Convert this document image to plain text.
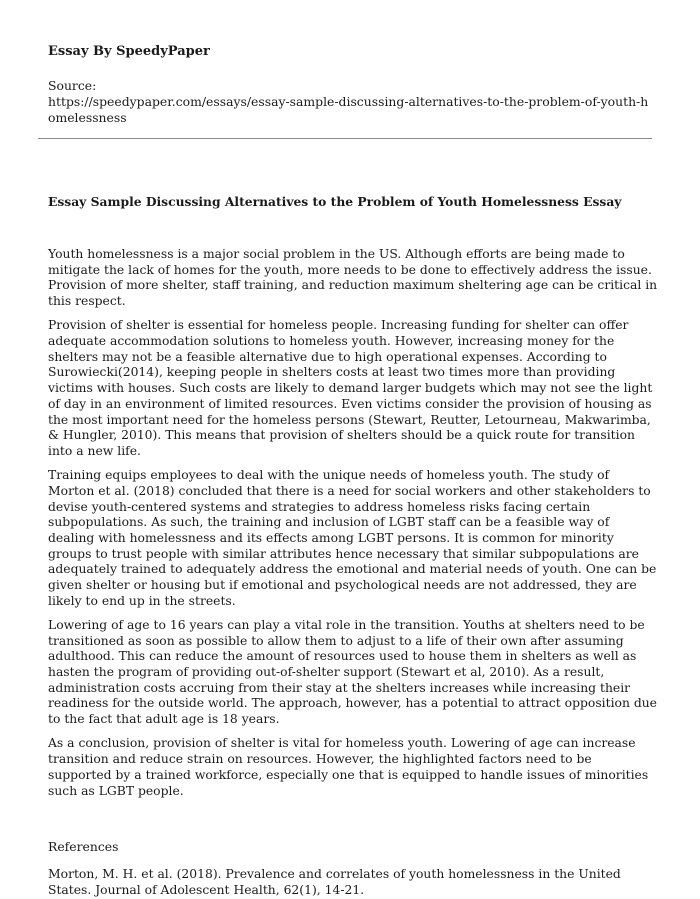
Essay By SpeedyPaper
Source:
https://speedypaper.com/essays/essay-sample-discussing-alternatives-to-the-problem-of-youth-homelessness
Essay Sample Discussing Alternatives to the Problem of Youth Homelessness Essay

Youth homelessness is a major social problem in the US. Although efforts are being made to mitigate the lack of homes for the youth, more needs to be done to effectively address the issue. Provision of more shelter, staff training, and reduction maximum sheltering age can be critical in this respect.

Provision of shelter is essential for homeless people. Increasing funding for shelter can offer adequate accommodation solutions to homeless youth. However, increasing money for the shelters may not be a feasible alternative due to high operational expenses. According to Surowiecki(2014), keeping people in shelters costs at least two times more than providing victims with houses. Such costs are likely to demand larger budgets which may not see the light of day in an environment of limited resources. Even victims consider the provision of housing as the most important need for the homeless persons (Stewart, Reutter, Letourneau, Makwarimba, & Hungler, 2010). This means that provision of shelters should be a quick route for transition into a new life.

Training equips employees to deal with the unique needs of homeless youth. The study of Morton et al. (2018) concluded that there is a need for social workers and other stakeholders to devise youth-centered systems and strategies to address homeless risks facing certain subpopulations. As such, the training and inclusion of LGBT staff can be a feasible way of dealing with homelessness and its effects among LGBT persons. It is common for minority groups to trust people with similar attributes hence necessary that similar subpopulations are adequately trained to adequately address the emotional and material needs of youth. One can be given shelter or housing but if emotional and psychological needs are not addressed, they are likely to end up in the streets.

Lowering of age to 16 years can play a vital role in the transition. Youths at shelters need to be transitioned as soon as possible to allow them to adjust to a life of their own after assuming adulthood. This can reduce the amount of resources used to house them in shelters as well as hasten the program of providing out-of-shelter support (Stewart et al, 2010). As a result, administration costs accruing from their stay at the shelters increases while increasing their readiness for the outside world. The approach, however, has a potential to attract opposition due to the fact that adult age is 18 years.

As a conclusion, provision of shelter is vital for homeless youth. Lowering of age can increase transition and reduce strain on resources. However, the highlighted factors need to be supported by a trained workforce, especially one that is equipped to handle issues of minorities such as LGBT people.

References

Morton, M. H. et al. (2018). Prevalence and correlates of youth homelessness in the United States. Journal of Adolescent Health, 62(1), 14-21.
